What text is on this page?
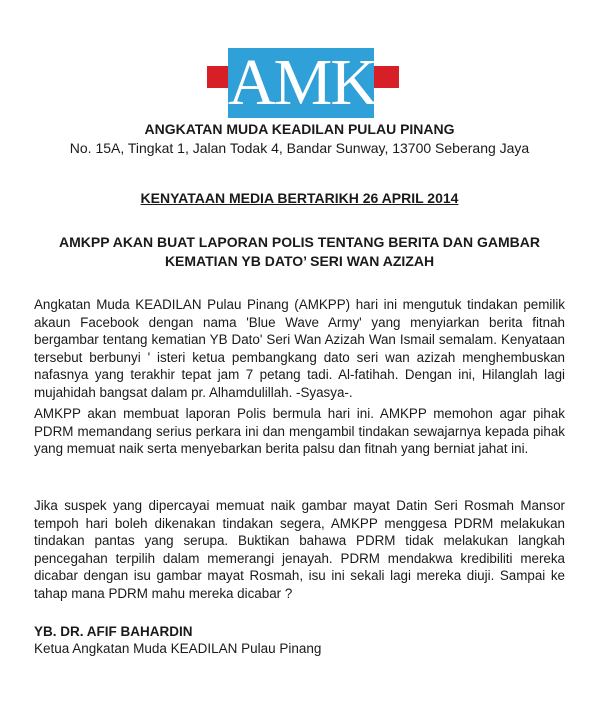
AMK
ANGKATAN MUDA KEADILAN PULAU PINANG
No. 15A, Tingkat 1, Jalan Todak 4, Bandar Sunway, 13700 Seberang Jaya
KENYATAAN MEDIA BERTARIKH 26 APRIL 2014
AMKPP AKAN BUAT LAPORAN POLIS TENTANG BERITA DAN GAMBAR KEMATIAN YB DATO’ SERI WAN AZIZAH

Angkatan Muda KEADILAN Pulau Pinang (AMKPP) hari ini mengutuk tindakan pemilik akaun Facebook dengan nama 'Blue Wave Army' yang menyiarkan berita fitnah bergambar tentang kematian YB Dato' Seri Wan Azizah Wan Ismail semalam. Kenyataan tersebut berbunyi ' isteri ketua pembangkang dato seri wan azizah menghembuskan nafasnya yang terakhir tepat jam 7 petang tadi. Al-fatihah. Dengan ini, Hilanglah lagi mujahidah bangsat dalam pr. Alhamdulillah. -Syasya-.

AMKPP akan membuat laporan Polis bermula hari ini. AMKPP memohon agar pihak PDRM memandang serius perkara ini dan mengambil tindakan sewajarnya kepada pihak yang memuat naik serta menyebarkan berita palsu dan fitnah yang berniat jahat ini.

Jika suspek yang dipercayai memuat naik gambar mayat Datin Seri Rosmah Mansor tempoh hari boleh dikenakan tindakan segera, AMKPP menggesa PDRM melakukan tindakan pantas yang serupa. Buktikan bahawa PDRM tidak melakukan langkah pencegahan terpilih dalam memerangi jenayah. PDRM mendakwa kredibiliti mereka dicabar dengan isu gambar mayat Rosmah, isu ini sekali lagi mereka diuji. Sampai ke tahap mana PDRM mahu mereka dicabar ?

YB. DR. AFIF BAHARDIN
Ketua Angkatan Muda KEADILAN Pulau Pinang
